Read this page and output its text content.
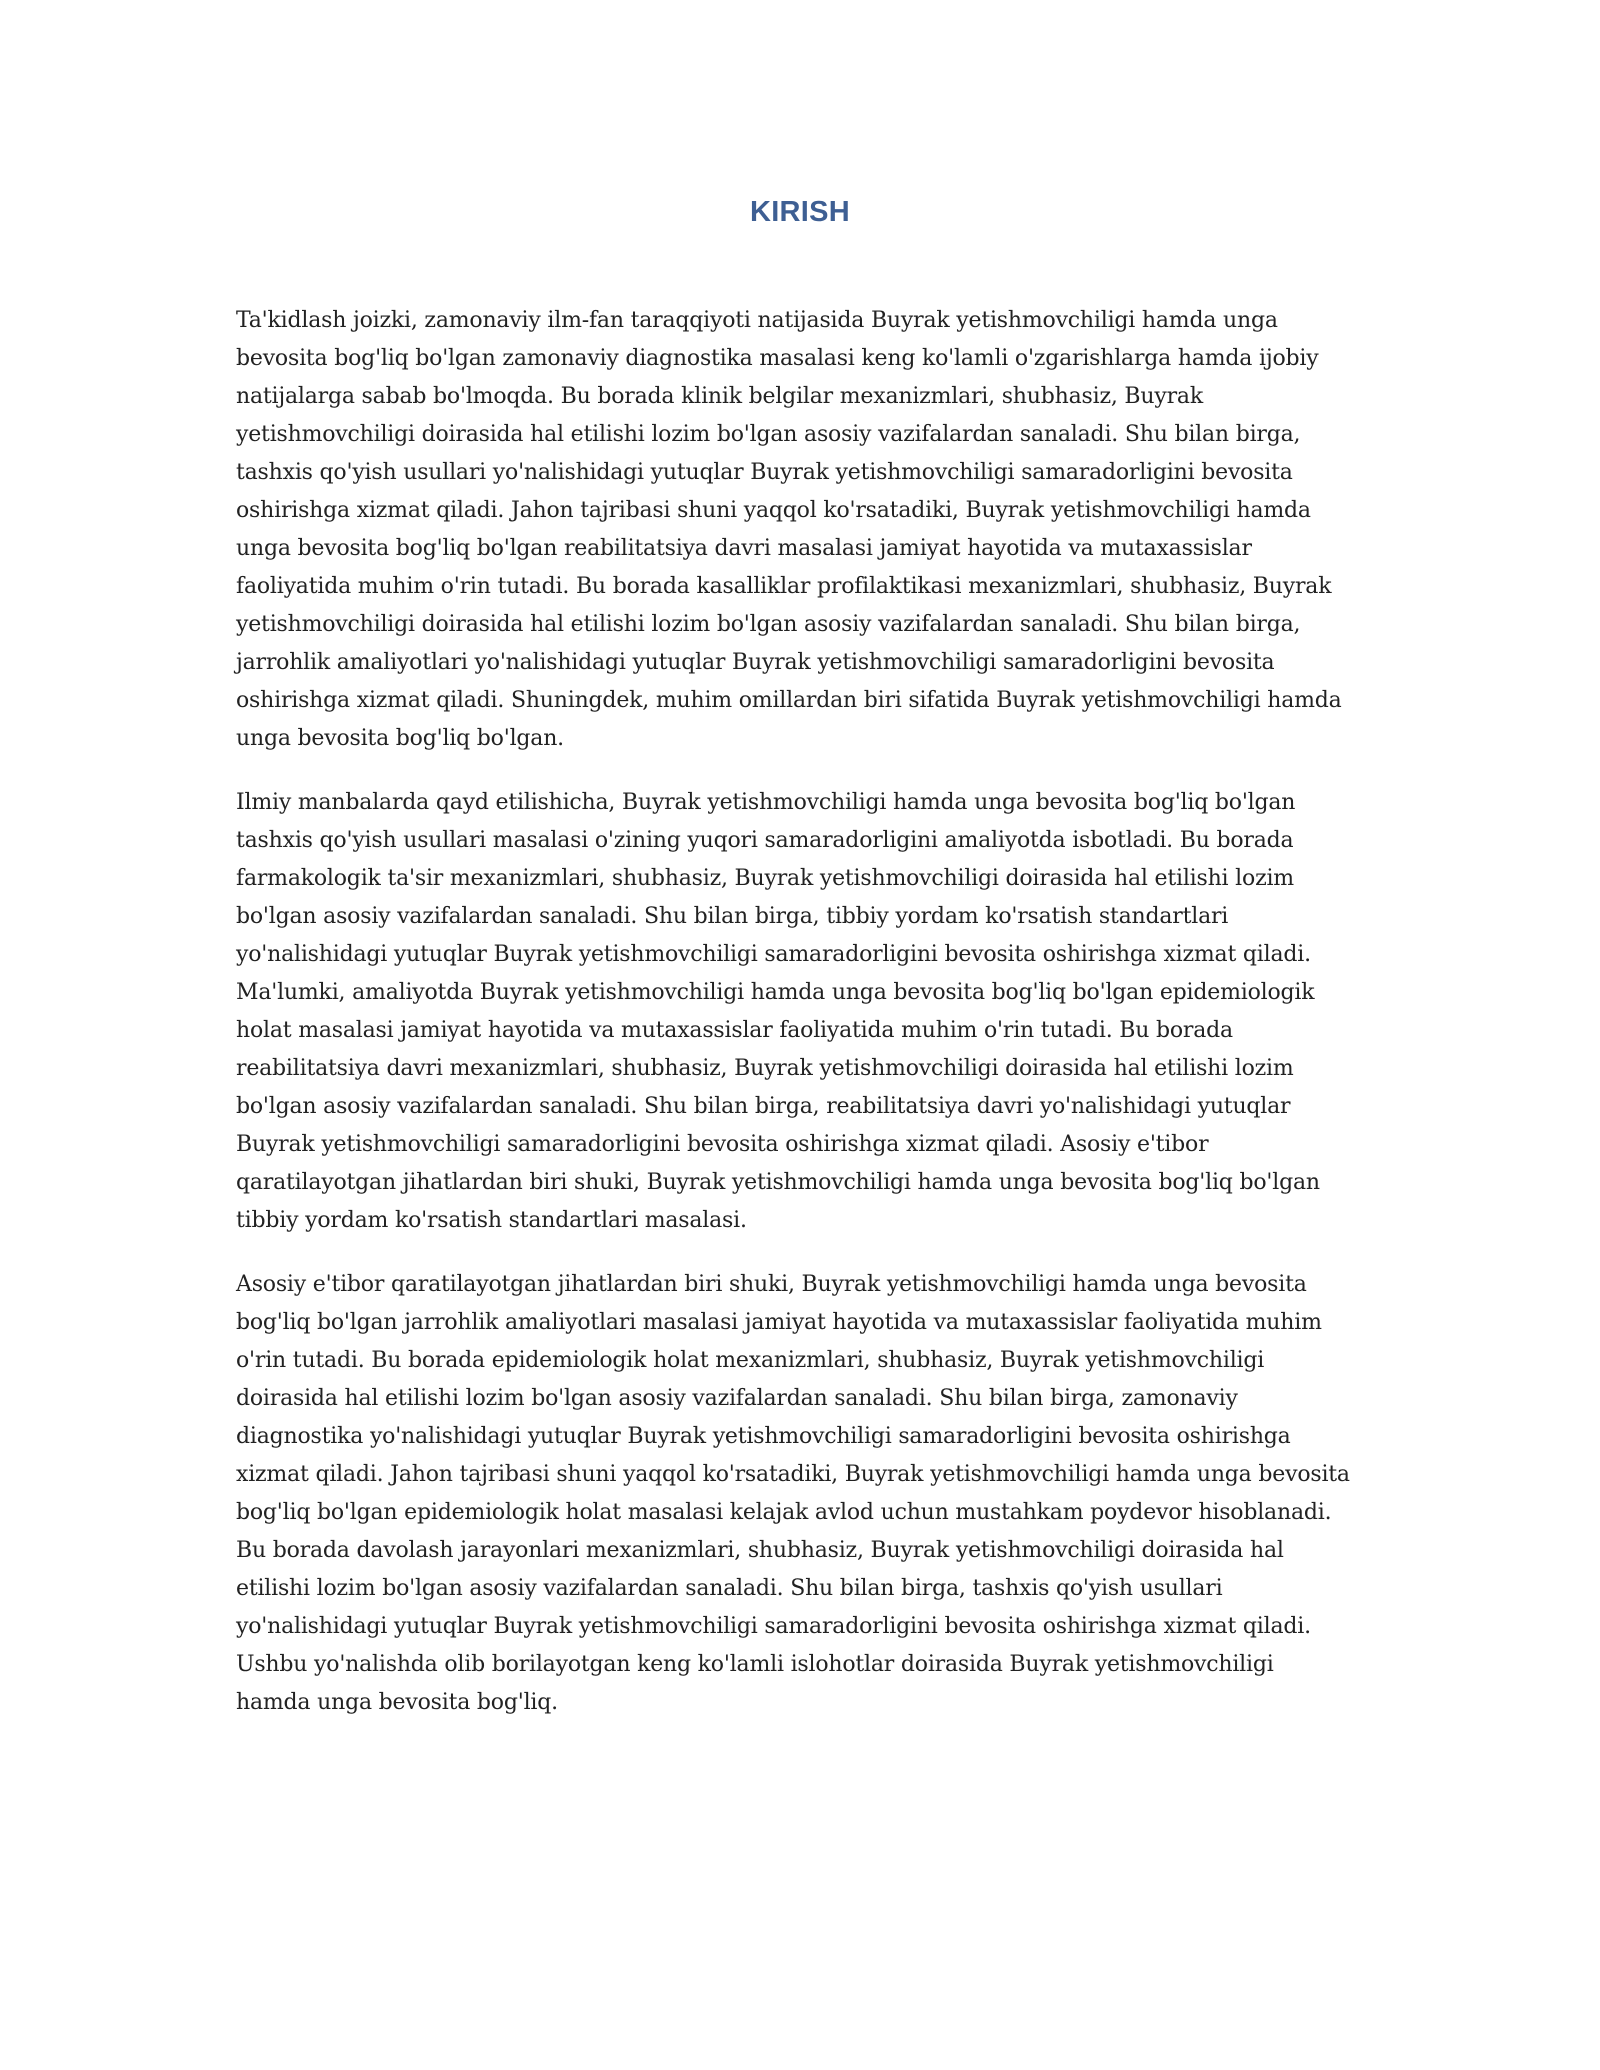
KIRISH

Ta'kidlash joizki, zamonaviy ilm-fan taraqqiyoti natijasida Buyrak yetishmovchiligi hamda unga bevosita bog'liq bo'lgan zamonaviy diagnostika masalasi keng ko'lamli o'zgarishlarga hamda ijobiy natijalarga sabab bo'lmoqda. Bu borada klinik belgilar mexanizmlari, shubhasiz, Buyrak yetishmovchiligi doirasida hal etilishi lozim bo'lgan asosiy vazifalardan sanaladi. Shu bilan birga, tashxis qo'yish usullari yo'nalishidagi yutuqlar Buyrak yetishmovchiligi samaradorligini bevosita oshirishga xizmat qiladi. Jahon tajribasi shuni yaqqol ko'rsatadiki, Buyrak yetishmovchiligi hamda unga bevosita bog'liq bo'lgan reabilitatsiya davri masalasi jamiyat hayotida va mutaxassislar faoliyatida muhim o'rin tutadi. Bu borada kasalliklar profilaktikasi mexanizmlari, shubhasiz, Buyrak yetishmovchiligi doirasida hal etilishi lozim bo'lgan asosiy vazifalardan sanaladi. Shu bilan birga, jarrohlik amaliyotlari yo'nalishidagi yutuqlar Buyrak yetishmovchiligi samaradorligini bevosita oshirishga xizmat qiladi. Shuningdek, muhim omillardan biri sifatida Buyrak yetishmovchiligi hamda unga bevosita bog'liq bo'lgan.

Ilmiy manbalarda qayd etilishicha, Buyrak yetishmovchiligi hamda unga bevosita bog'liq bo'lgan tashxis qo'yish usullari masalasi o'zining yuqori samaradorligini amaliyotda isbotladi. Bu borada farmakologik ta'sir mexanizmlari, shubhasiz, Buyrak yetishmovchiligi doirasida hal etilishi lozim bo'lgan asosiy vazifalardan sanaladi. Shu bilan birga, tibbiy yordam ko'rsatish standartlari yo'nalishidagi yutuqlar Buyrak yetishmovchiligi samaradorligini bevosita oshirishga xizmat qiladi. Ma'lumki, amaliyotda Buyrak yetishmovchiligi hamda unga bevosita bog'liq bo'lgan epidemiologik holat masalasi jamiyat hayotida va mutaxassislar faoliyatida muhim o'rin tutadi. Bu borada reabilitatsiya davri mexanizmlari, shubhasiz, Buyrak yetishmovchiligi doirasida hal etilishi lozim bo'lgan asosiy vazifalardan sanaladi. Shu bilan birga, reabilitatsiya davri yo'nalishidagi yutuqlar Buyrak yetishmovchiligi samaradorligini bevosita oshirishga xizmat qiladi. Asosiy e'tibor qaratilayotgan jihatlardan biri shuki, Buyrak yetishmovchiligi hamda unga bevosita bog'liq bo'lgan tibbiy yordam ko'rsatish standartlari masalasi.

Asosiy e'tibor qaratilayotgan jihatlardan biri shuki, Buyrak yetishmovchiligi hamda unga bevosita bog'liq bo'lgan jarrohlik amaliyotlari masalasi jamiyat hayotida va mutaxassislar faoliyatida muhim o'rin tutadi. Bu borada epidemiologik holat mexanizmlari, shubhasiz, Buyrak yetishmovchiligi doirasida hal etilishi lozim bo'lgan asosiy vazifalardan sanaladi. Shu bilan birga, zamonaviy diagnostika yo'nalishidagi yutuqlar Buyrak yetishmovchiligi samaradorligini bevosita oshirishga xizmat qiladi. Jahon tajribasi shuni yaqqol ko'rsatadiki, Buyrak yetishmovchiligi hamda unga bevosita bog'liq bo'lgan epidemiologik holat masalasi kelajak avlod uchun mustahkam poydevor hisoblanadi. Bu borada davolash jarayonlari mexanizmlari, shubhasiz, Buyrak yetishmovchiligi doirasida hal etilishi lozim bo'lgan asosiy vazifalardan sanaladi. Shu bilan birga, tashxis qo'yish usullari yo'nalishidagi yutuqlar Buyrak yetishmovchiligi samaradorligini bevosita oshirishga xizmat qiladi. Ushbu yo'nalishda olib borilayotgan keng ko'lamli islohotlar doirasida Buyrak yetishmovchiligi hamda unga bevosita bog'liq.
